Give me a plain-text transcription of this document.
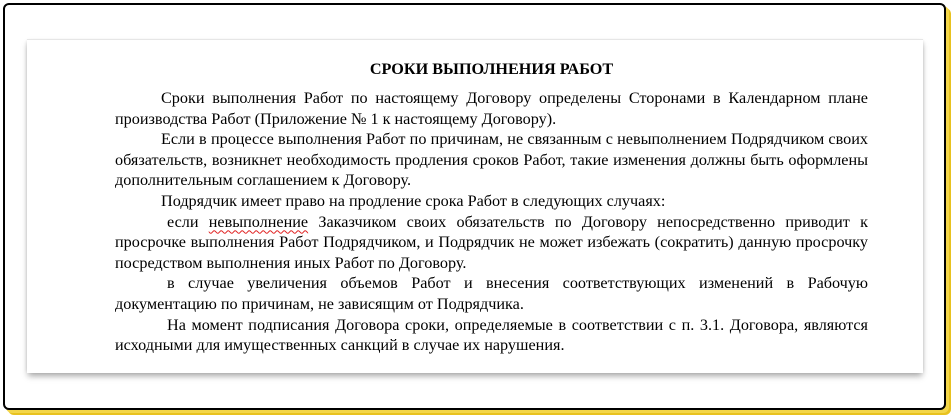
СРОКИ ВЫПОЛНЕНИЯ РАБОТ

Сроки выполнения Работ по настоящему Договору определены Сторонами в Календарном плане производства Работ (Приложение № 1 к настоящему Договору).

Если в процессе выполнения Работ по причинам, не связанным с невыполнением Подрядчиком своих обязательств, возникнет необходимость продления сроков Работ, такие изменения должны быть оформлены дополнительным соглашением к Договору.

Подрядчик имеет право на продление срока Работ в следующих случаях:

если невыполнение Заказчиком своих обязательств по Договору непосредственно приводит к просрочке выполнения Работ Подрядчиком, и Подрядчик не может избежать (сократить) данную просрочку посредством выполнения иных Работ по Договору.

в случае увеличения объемов Работ и внесения соответствующих изменений в Рабочую документацию по причинам, не зависящим от Подрядчика.

На момент подписания Договора сроки, определяемые в соответствии с п. 3.1. Договора, являются исходными для имущественных санкций в случае их нарушения.
